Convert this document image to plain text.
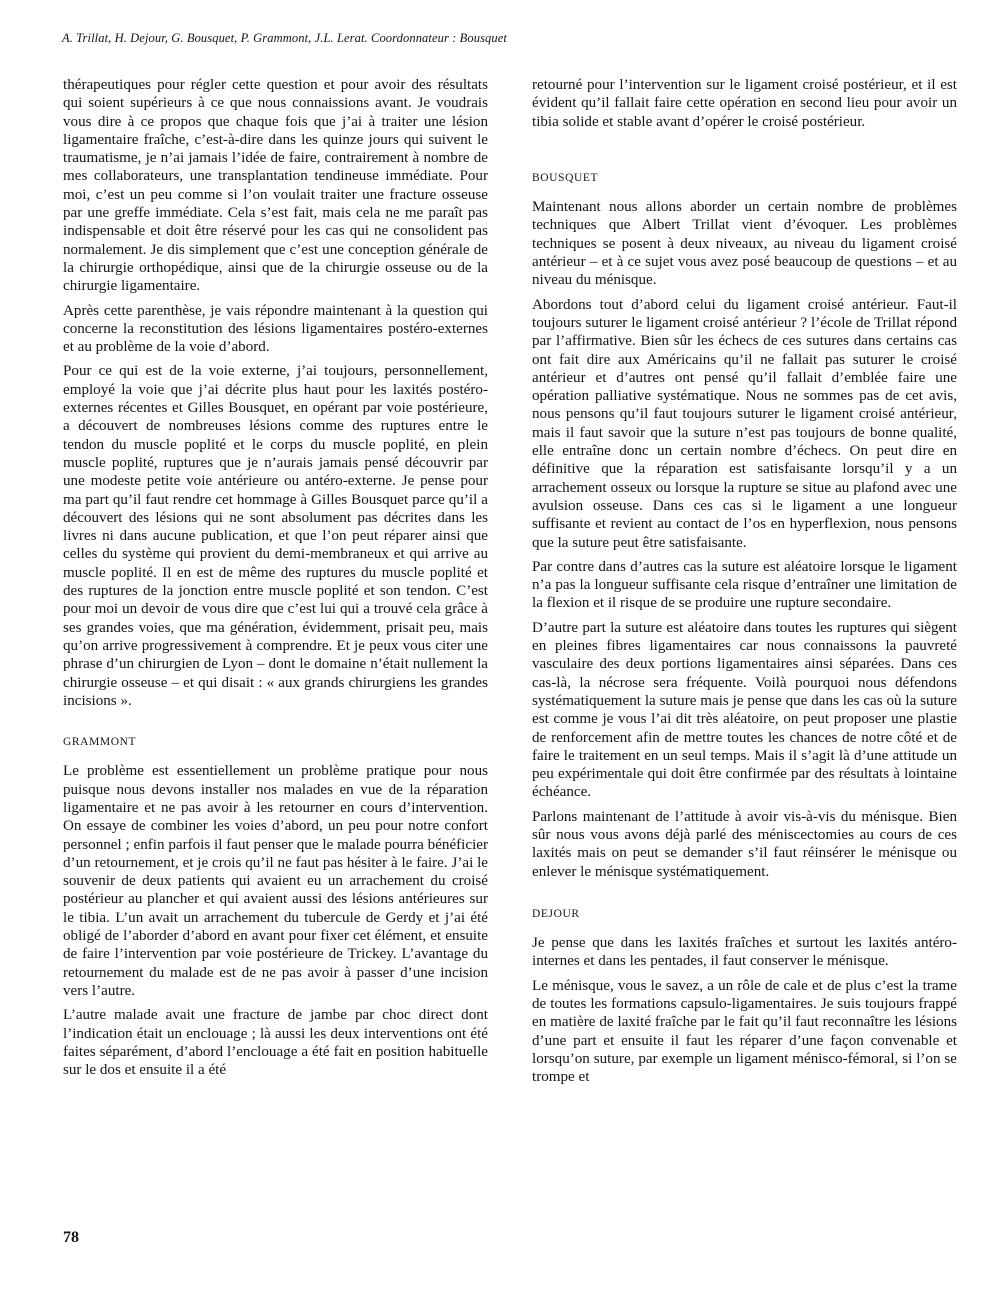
A. Trillat, H. Dejour, G. Bousquet, P. Grammont, J.L. Lerat. Coordonnateur : Bousquet

thérapeutiques pour régler cette question et pour avoir des résultats qui soient supérieurs à ce que nous connaissions avant. Je voudrais vous dire à ce propos que chaque fois que j’ai à traiter une lésion ligamentaire fraîche, c’est-à-dire dans les quinze jours qui suivent le traumatisme, je n’ai jamais l’idée de faire, contrairement à nombre de mes collaborateurs, une transplantation tendineuse immédiate. Pour moi, c’est un peu comme si l’on voulait traiter une fracture osseuse par une greffe immédiate. Cela s’est fait, mais cela ne me paraît pas indispensable et doit être réservé pour les cas qui ne consolident pas normalement. Je dis simplement que c’est une conception générale de la chirurgie orthopédique, ainsi que de la chirurgie osseuse ou de la chirurgie ligamentaire.

Après cette parenthèse, je vais répondre maintenant à la question qui concerne la reconstitution des lésions ligamentaires postéro-externes et au problème de la voie d’abord.

Pour ce qui est de la voie externe, j’ai toujours, personnellement, employé la voie que j’ai décrite plus haut pour les laxités postéro-externes récentes et Gilles Bousquet, en opérant par voie postérieure, a découvert de nombreuses lésions comme des ruptures entre le tendon du muscle poplité et le corps du muscle poplité, en plein muscle poplité, ruptures que je n’aurais jamais pensé découvrir par une modeste petite voie antérieure ou antéro-externe. Je pense pour ma part qu’il faut rendre cet hommage à Gilles Bousquet parce qu’il a découvert des lésions qui ne sont absolument pas décrites dans les livres ni dans aucune publication, et que l’on peut réparer ainsi que celles du système qui provient du demi-membraneux et qui arrive au muscle poplité. Il en est de même des ruptures du muscle poplité et des ruptures de la jonction entre muscle poplité et son tendon. C’est pour moi un devoir de vous dire que c’est lui qui a trouvé cela grâce à ses grandes voies, que ma génération, évidemment, prisait peu, mais qu’on arrive progressivement à comprendre. Et je peux vous citer une phrase d’un chirurgien de Lyon – dont le domaine n’était nullement la chirurgie osseuse – et qui disait : « aux grands chirurgiens les grandes incisions ».

GRAMMONT

Le problème est essentiellement un problème pratique pour nous puisque nous devons installer nos malades en vue de la réparation ligamentaire et ne pas avoir à les retourner en cours d’intervention. On essaye de combiner les voies d’abord, un peu pour notre confort personnel ; enfin parfois il faut penser que le malade pourra bénéficier d’un retournement, et je crois qu’il ne faut pas hésiter à le faire. J’ai le souvenir de deux patients qui avaient eu un arrachement du croisé postérieur au plancher et qui avaient aussi des lésions antérieures sur le tibia. L’un avait un arrachement du tubercule de Gerdy et j’ai été obligé de l’aborder d’abord en avant pour fixer cet élément, et ensuite de faire l’intervention par voie postérieure de Trickey. L’avantage du retournement du malade est de ne pas avoir à passer d’une incision vers l’autre.

L’autre malade avait une fracture de jambe par choc direct dont l’indication était un enclouage ; là aussi les deux interventions ont été faites séparément, d’abord l’enclouage a été fait en position habituelle sur le dos et ensuite il a été

retourné pour l’intervention sur le ligament croisé postérieur, et il est évident qu’il fallait faire cette opération en second lieu pour avoir un tibia solide et stable avant d’opérer le croisé postérieur.

BOUSQUET

Maintenant nous allons aborder un certain nombre de problèmes techniques que Albert Trillat vient d’évoquer. Les problèmes techniques se posent à deux niveaux, au niveau du ligament croisé antérieur – et à ce sujet vous avez posé beaucoup de questions – et au niveau du ménisque.

Abordons tout d’abord celui du ligament croisé antérieur. Faut-il toujours suturer le ligament croisé antérieur ? l’école de Trillat répond par l’affirmative. Bien sûr les échecs de ces sutures dans certains cas ont fait dire aux Américains qu’il ne fallait pas suturer le croisé antérieur et d’autres ont pensé qu’il fallait d’emblée faire une opération palliative systématique. Nous ne sommes pas de cet avis, nous pensons qu’il faut toujours suturer le ligament croisé antérieur, mais il faut savoir que la suture n’est pas toujours de bonne qualité, elle entraîne donc un certain nombre d’échecs. On peut dire en définitive que la réparation est satisfaisante lorsqu’il y a un arrachement osseux ou lorsque la rupture se situe au plafond avec une avulsion osseuse. Dans ces cas si le ligament a une longueur suffisante et revient au contact de l’os en hyperflexion, nous pensons que la suture peut être satisfaisante.

Par contre dans d’autres cas la suture est aléatoire lorsque le ligament n’a pas la longueur suffisante cela risque d’entraîner une limitation de la flexion et il risque de se produire une rupture secondaire.

D’autre part la suture est aléatoire dans toutes les ruptures qui siègent en pleines fibres ligamentaires car nous connaissons la pauvreté vasculaire des deux portions ligamentaires ainsi séparées. Dans ces cas-là, la nécrose sera fréquente. Voilà pourquoi nous défendons systématiquement la suture mais je pense que dans les cas où la suture est comme je vous l’ai dit très aléatoire, on peut proposer une plastie de renforcement afin de mettre toutes les chances de notre côté et de faire le traitement en un seul temps. Mais il s’agit là d’une attitude un peu expérimentale qui doit être confirmée par des résultats à lointaine échéance.

Parlons maintenant de l’attitude à avoir vis-à-vis du ménisque. Bien sûr nous vous avons déjà parlé des méniscectomies au cours de ces laxités mais on peut se demander s’il faut réinsérer le ménisque ou enlever le ménisque systématiquement.

DEJOUR

Je pense que dans les laxités fraîches et surtout les laxités antéro-internes et dans les pentades, il faut conserver le ménisque.

Le ménisque, vous le savez, a un rôle de cale et de plus c’est la trame de toutes les formations capsulo-ligamentaires. Je suis toujours frappé en matière de laxité fraîche par le fait qu’il faut reconnaître les lésions d’une part et ensuite il faut les réparer d’une façon convenable et lorsqu’on suture, par exemple un ligament ménisco-fémoral, si l’on se trompe et

78
